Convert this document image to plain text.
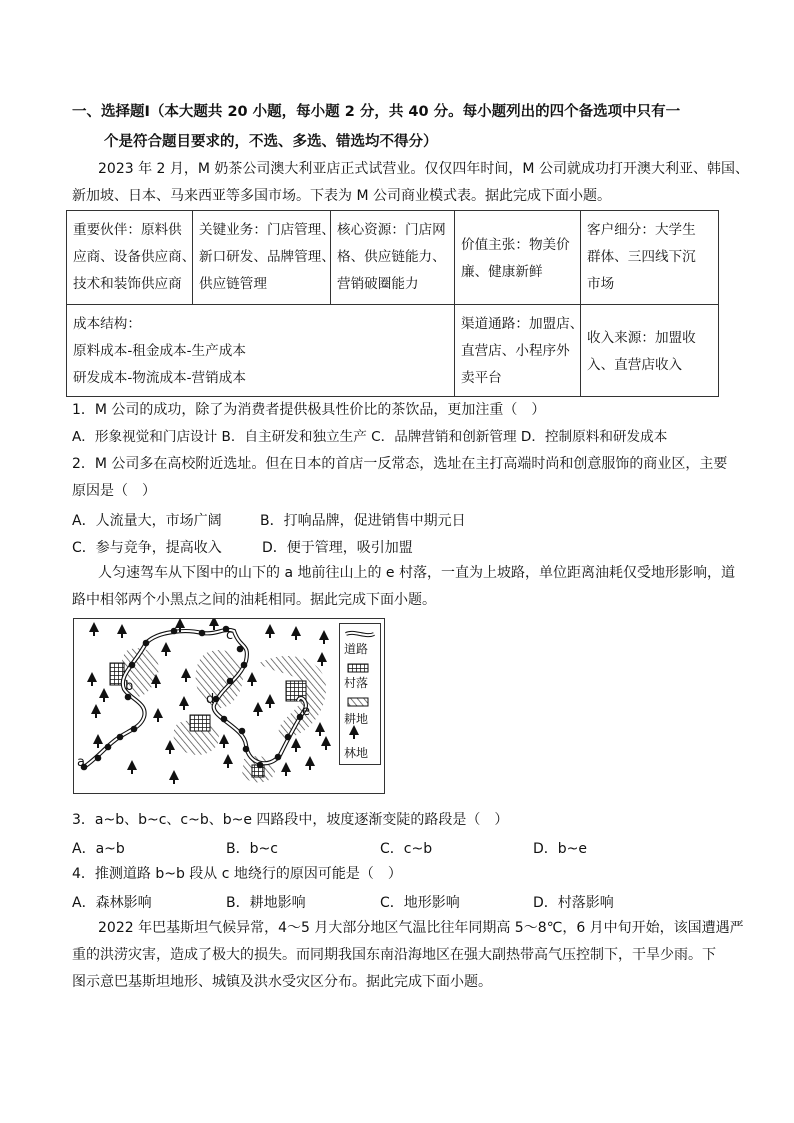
一、选择题Ⅰ（本大题共 20 小题，每小题 2 分，共 40 分。每小题列出的四个备选项中只有一
个是符合题目要求的，不选、多选、错选均不得分）
2023 年 2 月，M 奶茶公司澳大利亚店正式试营业。仅仅四年时间，M 公司就成功打开澳大利亚、韩国、
新加坡、日本、马来西亚等多国市场。下表为 M 公司商业模式表。据此完成下面小题。
重要伙伴：原料供
应商、设备供应商、
技术和装饰供应商	关键业务：门店管理、
新口研发、品牌管理、
供应链管理	核心资源：门店网
格、供应链能力、
营销破圈能力	价值主张：物美价
廉、健康新鲜	客户细分：大学生
群体、三四线下沉
市场

成本结构：
原料成本-租金成本-生产成本
研发成本-物流成本-营销成本			渠道通路：加盟店、
直营店、小程序外
卖平台	收入来源：加盟收
入、直营店收入
1．M 公司的成功，除了为消费者提供极具性价比的茶饮品，更加注重（　）
A．形象视觉和门店设计 B．自主研发和独立生产 C．品牌营销和创新管理 D．控制原料和研发成本
2．M 公司多在高校附近选址。但在日本的首店一反常态，选址在主打高端时尚和创意服饰的商业区，主要
原因是（　）
A．人流量大，市场广阔	B．打响品牌，促进销售中期元日
C．参与竞争，提高收入	D．便于管理，吸引加盟
人匀速驾车从下图中的山下的 a 地前往山上的 e 村落，一直为上坡路，单位距离油耗仅受地形影响，道
路中相邻两个小黑点之间的油耗相同。据此完成下面小题。
a
b
c
d
e
道路
村落
耕地
林地
3．a~b、b~c、c~b、b~e 四路段中，坡度逐渐变陡的路段是（　）
A．a~b	B．b~c	C．c~b	D．b~e
4．推测道路 b~b 段从 c 地绕行的原因可能是（　）
A．森林影响	B．耕地影响	C．地形影响	D．村落影响
2022 年巴基斯坦气候异常，4～5 月大部分地区气温比往年同期高 5～8℃，6 月中旬开始，该国遭遇严
重的洪涝灾害，造成了极大的损失。而同期我国东南沿海地区在强大副热带高气压控制下，干旱少雨。下
图示意巴基斯坦地形、城镇及洪水受灾区分布。据此完成下面小题。
